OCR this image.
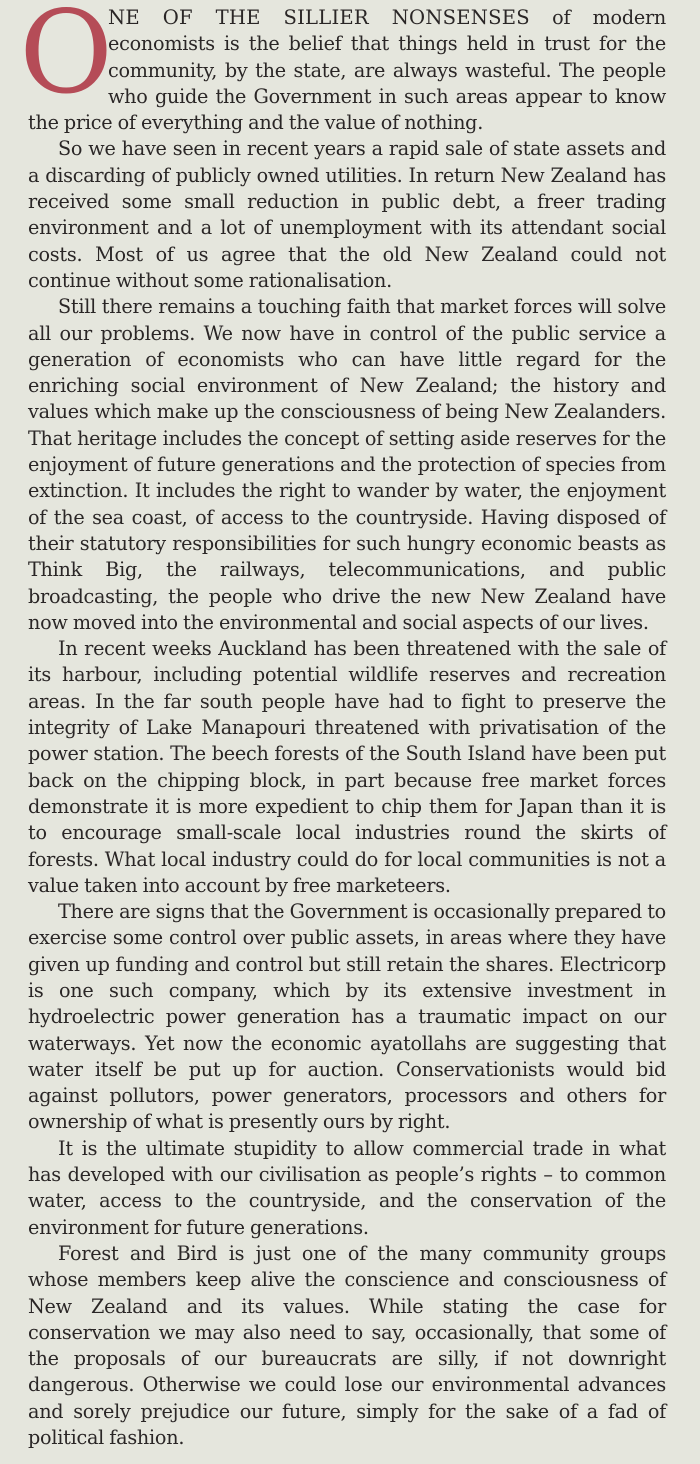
O
NE OF THE SILLIER NONSENSES of modern economists is the belief that things held in trust for the community, by the state, are always wasteful. The people who guide the Government in such areas appear to know the price of everything and the value of nothing.

So we have seen in recent years a rapid sale of state assets and a discarding of publicly owned utilities. In return New Zealand has received some small reduction in public debt, a freer trading environment and a lot of unemployment with its attendant social costs. Most of us agree that the old New Zealand could not continue without some rationalisation.

Still there remains a touching faith that market forces will solve all our problems. We now have in control of the public service a generation of economists who can have little regard for the enriching social environment of New Zealand; the history and values which make up the consciousness of being New Zealanders. That heritage includes the concept of setting aside reserves for the enjoyment of future generations and the protection of species from extinction. It includes the right to wander by water, the enjoyment of the sea coast, of access to the countryside. Having disposed of their statutory responsibilities for such hungry economic beasts as Think Big, the railways, telecommunications, and public broadcasting, the people who drive the new New Zealand have now moved into the environmental and social aspects of our lives.

In recent weeks Auckland has been threatened with the sale of its harbour, including potential wildlife reserves and recreation areas. In the far south people have had to fight to preserve the integrity of Lake Manapouri threatened with privatisation of the power station. The beech forests of the South Island have been put back on the chipping block, in part because free market forces demonstrate it is more expedient to chip them for Japan than it is to encourage small-scale local industries round the skirts of forests. What local industry could do for local communities is not a value taken into account by free marketeers.

There are signs that the Government is occasionally prepared to exercise some control over public assets, in areas where they have given up funding and control but still retain the shares. Electricorp is one such company, which by its extensive investment in hydroelectric power generation has a traumatic impact on our waterways. Yet now the economic ayatollahs are suggesting that water itself be put up for auction. Conservationists would bid against pollutors, power generators, processors and others for ownership of what is presently ours by right.

It is the ultimate stupidity to allow commercial trade in what has developed with our civilisation as people’s rights – to common water, access to the countryside, and the conservation of the environment for future generations.

Forest and Bird is just one of the many community groups whose members keep alive the conscience and consciousness of New Zealand and its values. While stating the case for conservation we may also need to say, occasionally, that some of the proposals of our bureaucrats are silly, if not downright dangerous. Otherwise we could lose our environmental advances and sorely prejudice our future, simply for the sake of a fad of political fashion.
